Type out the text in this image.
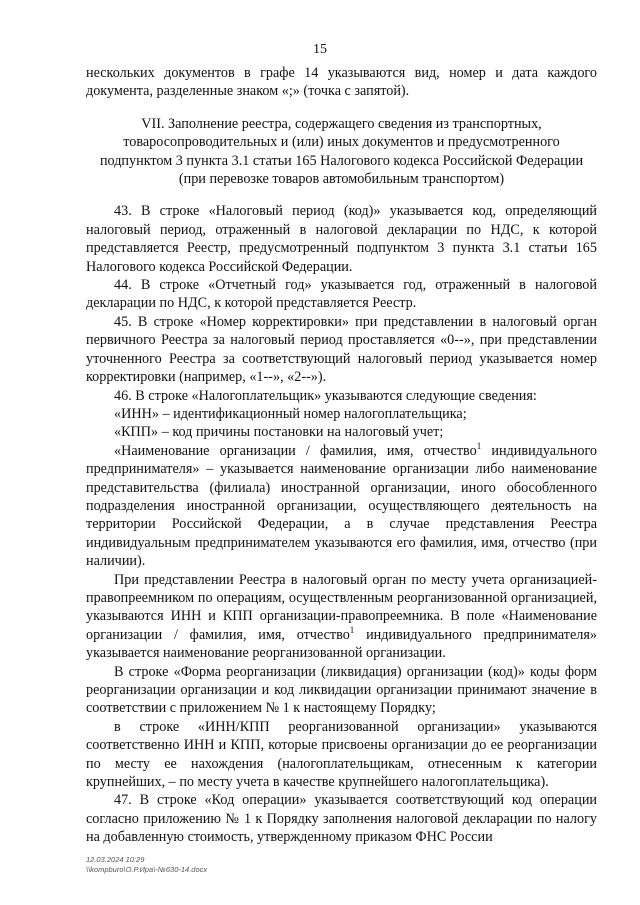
15

нескольких документов в графе 14 указываются вид, номер и дата каждого документа, разделенные знаком «;» (точка с запятой).

VII. Заполнение реестра, содержащего сведения из транспортных, товаросопроводительных и (или) иных документов и предусмотренного подпунктом 3 пункта 3.1 статьи 165 Налогового кодекса Российской Федерации (при перевозке товаров автомобильным транспортом)

43. В строке «Налоговый период (код)» указывается код, определяющий налоговый период, отраженный в налоговой декларации по НДС, к которой представляется Реестр, предусмотренный подпунктом 3 пункта 3.1 статьи 165 Налогового кодекса Российской Федерации.

44. В строке «Отчетный год» указывается год, отраженный в налоговой декларации по НДС, к которой представляется Реестр.

45. В строке «Номер корректировки» при представлении в налоговый орган первичного Реестра за налоговый период проставляется «0--», при представлении уточненного Реестра за соответствующий налоговый период указывается номер корректировки (например, «1--», «2--»).

46. В строке «Налогоплательщик» указываются следующие сведения:

«ИНН» – идентификационный номер налогоплательщика;

«КПП» – код причины постановки на налоговый учет;

«Наименование организации / фамилия, имя, отчество$^1$ индивидуального предпринимателя» – указывается наименование организации либо наименование представительства (филиала) иностранной организации, иного обособленного подразделения иностранной организации, осуществляющего деятельность на территории Российской Федерации, а в случае представления Реестра индивидуальным предпринимателем указываются его фамилия, имя, отчество (при наличии).

При представлении Реестра в налоговый орган по месту учета организацией-правопреемником по операциям, осуществленным реорганизованной организацией, указываются ИНН и КПП организации-правопреемника. В поле «Наименование организации / фамилия, имя, отчество$^1$ индивидуального предпринимателя» указывается наименование реорганизованной организации.

В строке «Форма реорганизации (ликвидация) организации (код)» коды форм реорганизации организации и код ликвидации организации принимают значение в соответствии с приложением № 1 к настоящему Порядку;

в строке «ИНН/КПП реорганизованной организации» указываются соответственно ИНН и КПП, которые присвоены организации до ее реорганизации по месту ее нахождения (налогоплательщикам, отнесенным к категории крупнейших, – по месту учета в качестве крупнейшего налогоплательщика).

47. В строке «Код операции» указывается соответствующий код операции согласно приложению № 1 к Порядку заполнения налоговой декларации по налогу на добавленную стоимость, утвержденному приказом ФНС России

12.03.2024 10:29
\\kompburo\О.Р.Ира\-№630-14.docx
